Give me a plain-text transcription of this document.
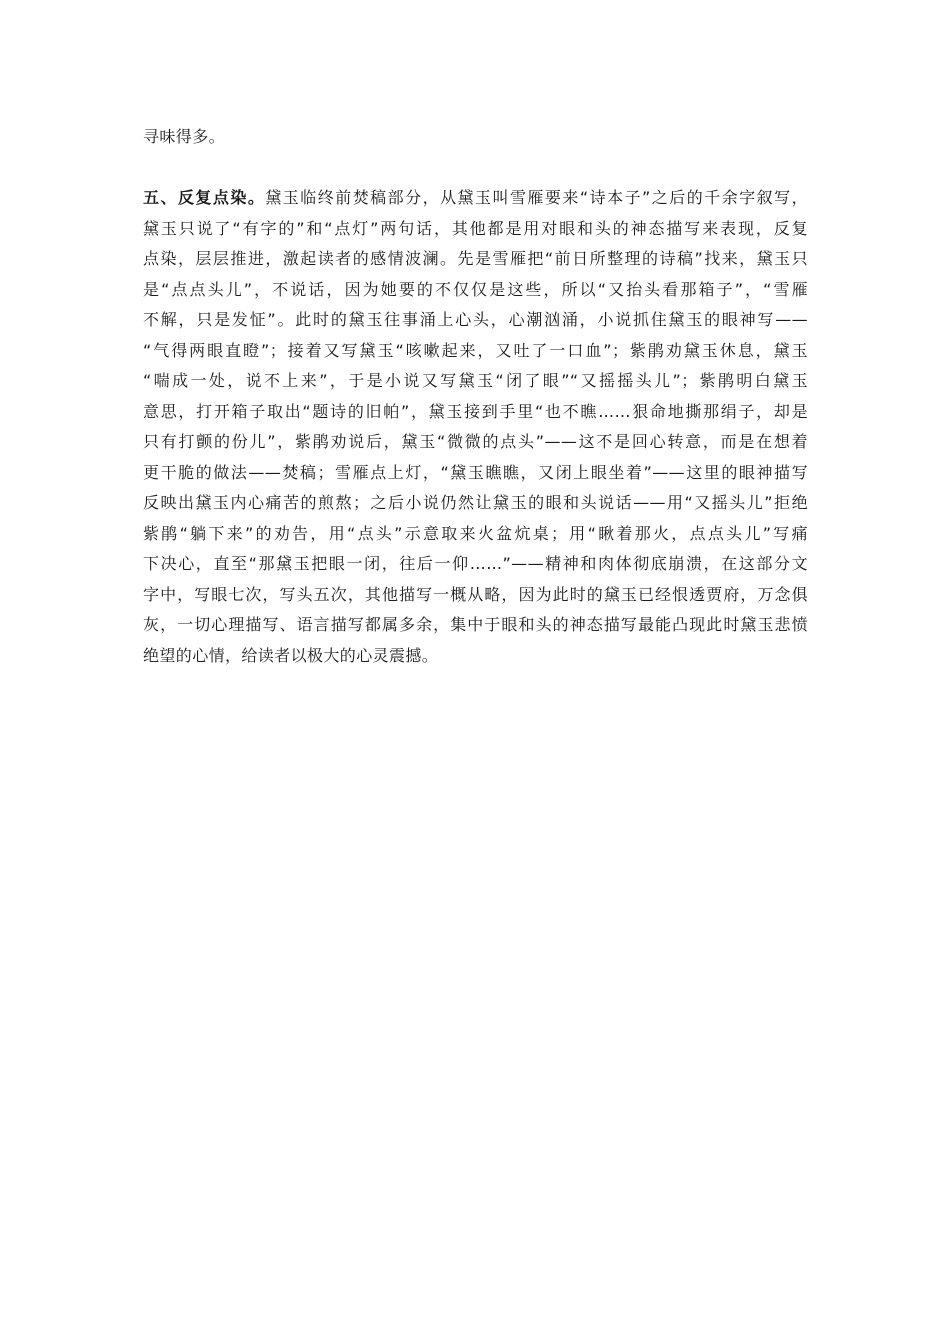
寻味得多。

五、反复点染。黛玉临终前焚稿部分，从黛玉叫雪雁要来“诗本子”之后的千余字叙写，

黛玉只说了“有字的”和“点灯”两句话，其他都是用对眼和头的神态描写来表现，反复

点染，层层推进，激起读者的感情波澜。先是雪雁把“前日所整理的诗稿”找来，黛玉只

是“点点头儿”，不说话，因为她要的不仅仅是这些，所以“又抬头看那箱子”，“雪雁

不解，只是发怔”。此时的黛玉往事涌上心头，心潮汹涌，小说抓住黛玉的眼神写——

“气得两眼直瞪”；接着又写黛玉“咳嗽起来，又吐了一口血”；紫鹃劝黛玉休息，黛玉

“喘成一处，说不上来”，于是小说又写黛玉“闭了眼”“又摇摇头儿”；紫鹃明白黛玉

意思，打开箱子取出“题诗的旧帕”，黛玉接到手里“也不瞧……狠命地撕那绢子，却是

只有打颤的份儿”，紫鹃劝说后，黛玉“微微的点头”——这不是回心转意，而是在想着

更干脆的做法——焚稿；雪雁点上灯，“黛玉瞧瞧，又闭上眼坐着”——这里的眼神描写

反映出黛玉内心痛苦的煎熬；之后小说仍然让黛玉的眼和头说话——用“又摇头儿”拒绝

紫鹃“躺下来”的劝告，用“点头”示意取来火盆炕桌；用“瞅着那火，点点头儿”写痛

下决心，直至“那黛玉把眼一闭，往后一仰……”——精神和肉体彻底崩溃，在这部分文

字中，写眼七次，写头五次，其他描写一概从略，因为此时的黛玉已经恨透贾府，万念俱

灰，一切心理描写、语言描写都属多余，集中于眼和头的神态描写最能凸现此时黛玉悲愤

绝望的心情，给读者以极大的心灵震撼。
